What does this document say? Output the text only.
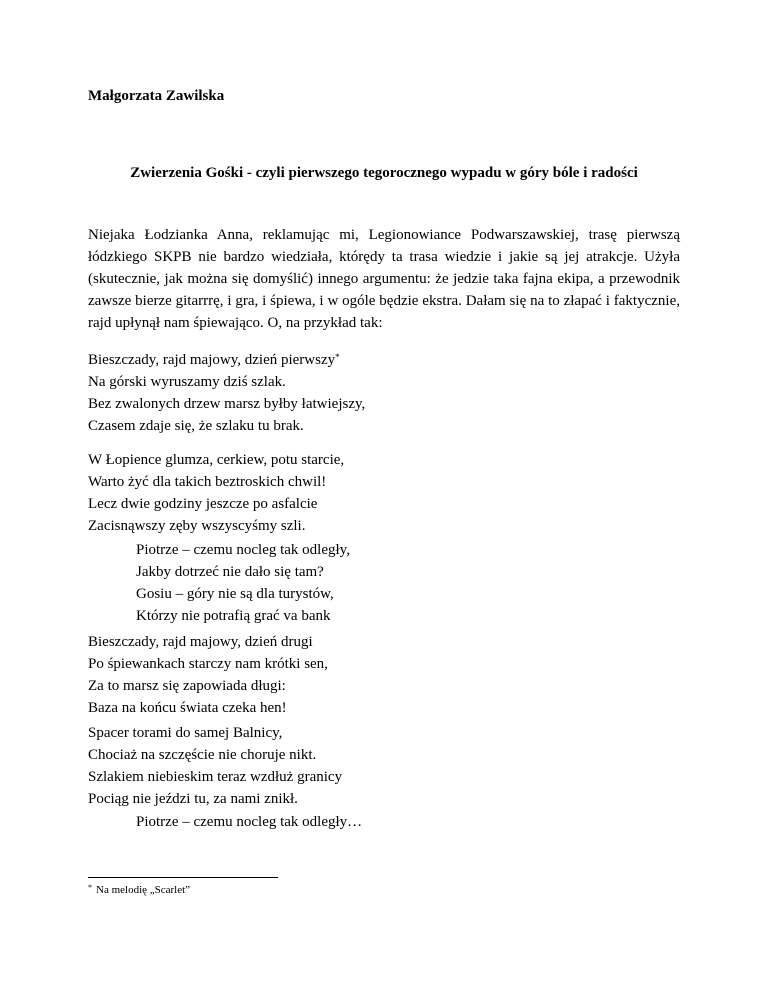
Małgorzata Zawilska

Zwierzenia Gośki - czyli pierwszego tegorocznego wypadu w góry bóle i radości

Niejaka Łodzianka Anna, reklamując mi, Legionowiance Podwarszawskiej, trasę pierwszą łódzkiego SKPB nie bardzo wiedziała, którędy ta trasa wiedzie i jakie są jej atrakcje. Użyła (skutecznie, jak można się domyślić) innego argumentu: że jedzie taka fajna ekipa, a przewodnik zawsze bierze gitarrrę, i gra, i śpiewa, i w ogóle będzie ekstra. Dałam się na to złapać i faktycznie, rajd upłynął nam śpiewająco. O, na przykład tak:

Bieszczady, rajd majowy, dzień pierwszy*
Na górski wyruszamy dziś szlak.
Bez zwalonych drzew marsz byłby łatwiejszy,
Czasem zdaje się, że szlaku tu brak.
W Łopience glumza, cerkiew, potu starcie,
Warto żyć dla takich beztroskich chwil!
Lecz dwie godziny jeszcze po asfalcie
Zacisnąwszy zęby wszyscyśmy szli.
Piotrze – czemu nocleg tak odległy,
Jakby dotrzeć nie dało się tam?
Gosiu – góry nie są dla turystów,
Którzy nie potrafią grać va bank
Bieszczady, rajd majowy, dzień drugi
Po śpiewankach starczy nam krótki sen,
Za to marsz się zapowiada długi:
Baza na końcu świata czeka hen!
Spacer torami do samej Balnicy,
Chociaż na szczęście nie choruje nikt.
Szlakiem niebieskim teraz wzdłuż granicy
Pociąg nie jeździ tu, za nami znikł.
Piotrze – czemu nocleg tak odległy…

* Na melodię „Scarlet”
